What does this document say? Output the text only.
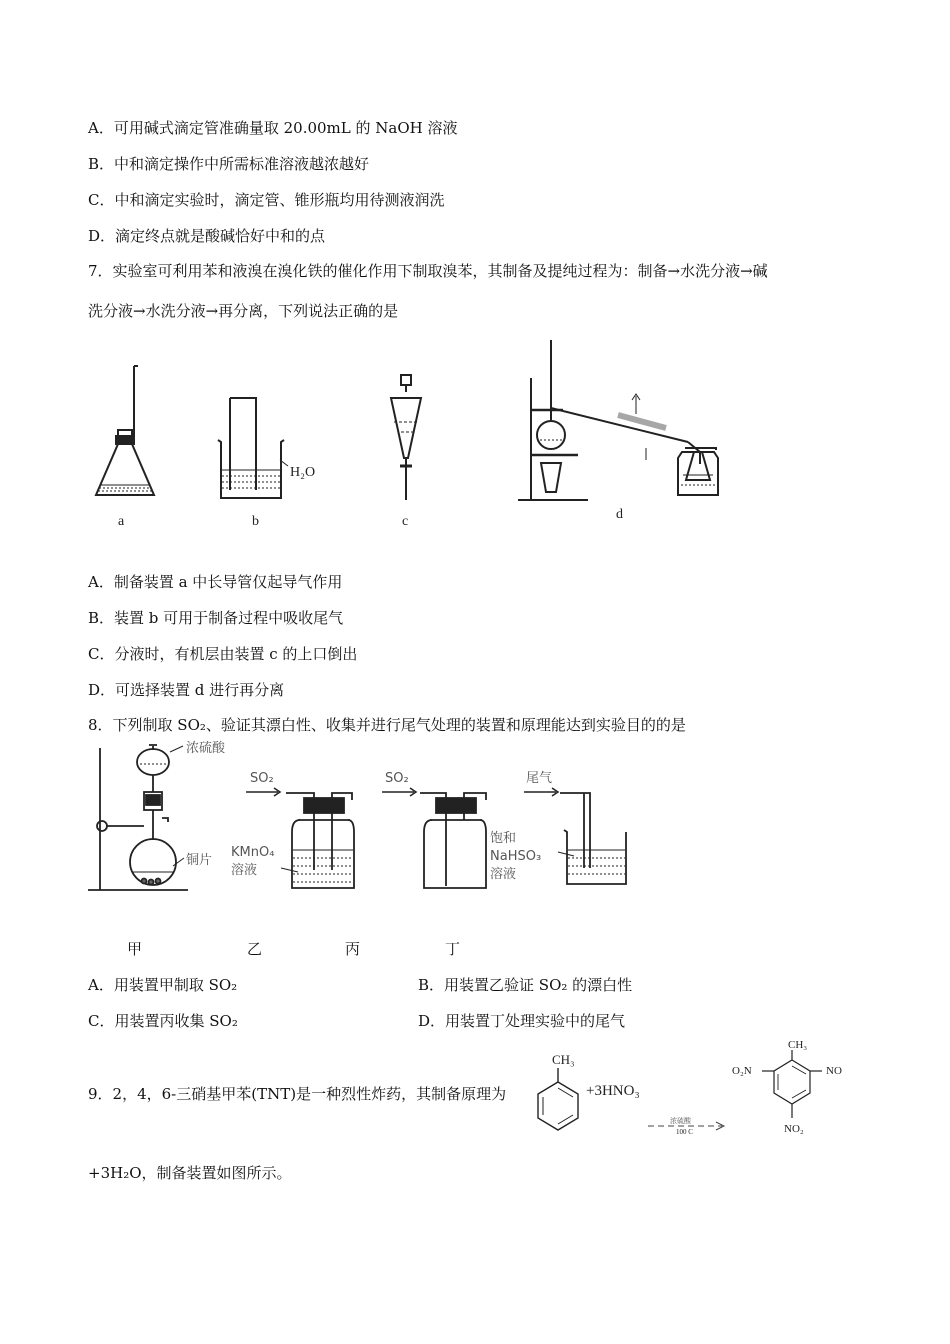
A．可用碱式滴定管准确量取 20.00mL 的 NaOH 溶液
B．中和滴定操作中所需标准溶液越浓越好
C．中和滴定实验时，滴定管、锥形瓶均用待测液润洗
D．滴定终点就是酸碱恰好中和的点
7．实验室可利用苯和液溴在溴化铁的催化作用下制取溴苯，其制备及提纯过程为：制备→水洗分液→碱
洗分液→水洗分液→再分离，下列说法正确的是
a
H₂O
b	c	d
A．制备装置 a 中长导管仅起导气作用
B．装置 b 可用于制备过程中吸收尾气
C．分液时，有机层由装置 c 的上口倒出
D．可选择装置 d 进行再分离
8．下列制取 SO₂、验证其漂白性、收集并进行尾气处理的装置和原理能达到实验目的的是
浓硫酸
铜片
SO₂
KMnO₄
溶液
SO₂	尾气
饱和
NaHSO₃
溶液
甲	乙	丙	丁
A．用装置甲制取 SO₂	B．用装置乙验证 SO₂ 的漂白性
C．用装置丙收集 SO₂	D．用装置丁处理实验中的尾气
9．2，4，6-三硝基甲苯(TNT)是一种烈性炸药，其制备原理为
CH₃
+3HNO₃
浓硫酸
100 C
CH₃
O₂N	NO
NO₂
+3H₂O，制备装置如图所示。
